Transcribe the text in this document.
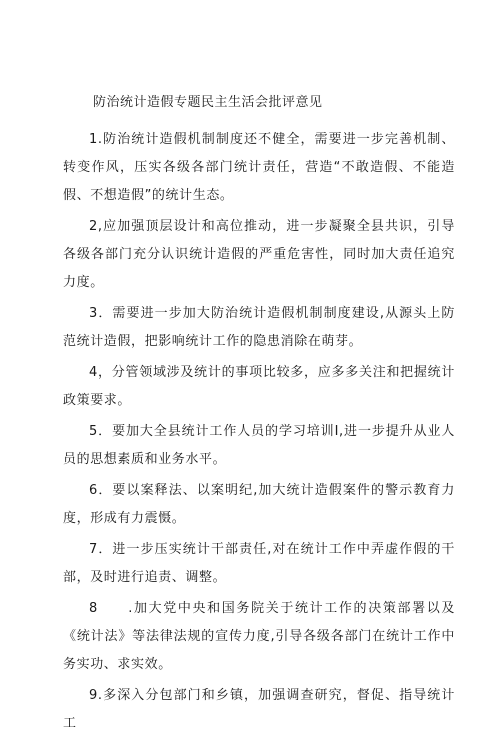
防治统计造假专题民主生活会批评意见

1.防治统计造假机制制度还不健全，需要进一步完善机制、转变作风，压实各级各部门统计责任，营造“不敢造假、不能造假、不想造假”的统计生态。

2,应加强顶层设计和高位推动，进一步凝聚全县共识，引导各级各部门充分认识统计造假的严重危害性，同时加大责任追究力度。

3．需要进一步加大防治统计造假机制制度建设,从源头上防范统计造假，把影响统计工作的隐患消除在萌芽。

4，分管领域涉及统计的事项比较多，应多多关注和把握统计政策要求。

5．要加大全县统计工作人员的学习培训I,进一步提升从业人员的思想素质和业务水平。

6．要以案释法、以案明纪,加大统计造假案件的警示教育力度，形成有力震慑。

7．进一步压实统计干部责任,对在统计工作中弄虚作假的干部，及时进行追责、调整。

8　　.加大党中央和国务院关于统计工作的决策部署以及《统计法》等法律法规的宣传力度,引导各级各部门在统计工作中务实功、求实效。

9.多深入分包部门和乡镇，加强调查研究，督促、指导统计工
